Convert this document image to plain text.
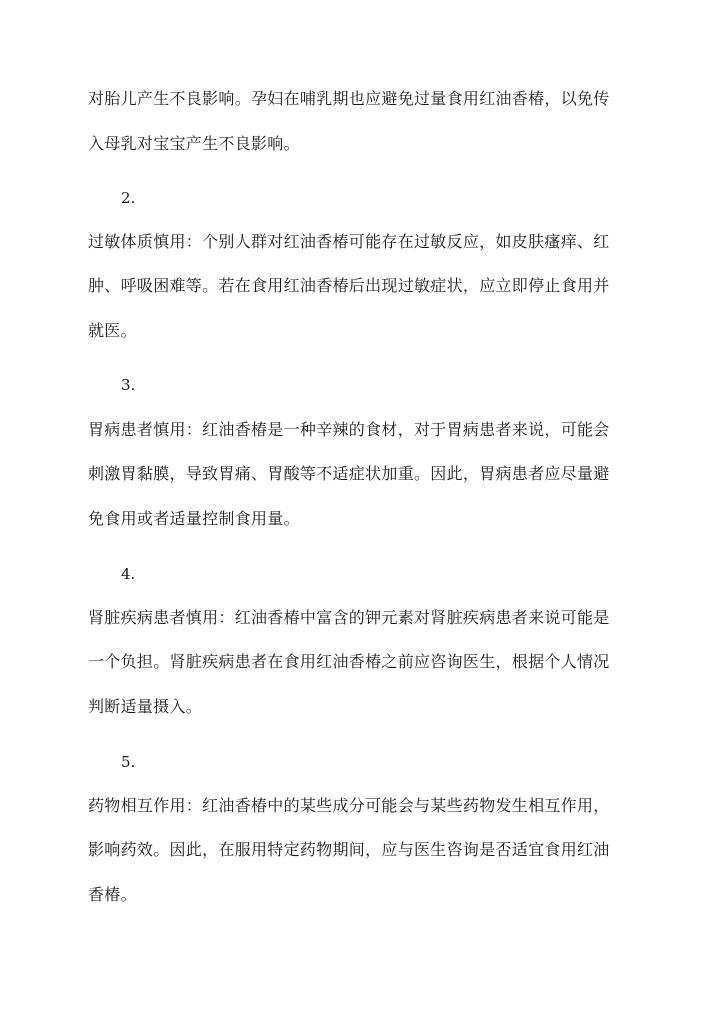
对胎儿产生不良影响。孕妇在哺乳期也应避免过量食用红油香椿，以免传
入母乳对宝宝产生不良影响。
2.
过敏体质慎用：个别人群对红油香椿可能存在过敏反应，如皮肤瘙痒、红
肿、呼吸困难等。若在食用红油香椿后出现过敏症状，应立即停止食用并
就医。
3.
胃病患者慎用：红油香椿是一种辛辣的食材，对于胃病患者来说，可能会
刺激胃黏膜，导致胃痛、胃酸等不适症状加重。因此，胃病患者应尽量避
免食用或者适量控制食用量。
4.
肾脏疾病患者慎用：红油香椿中富含的钾元素对肾脏疾病患者来说可能是
一个负担。肾脏疾病患者在食用红油香椿之前应咨询医生，根据个人情况
判断适量摄入。
5.
药物相互作用：红油香椿中的某些成分可能会与某些药物发生相互作用，
影响药效。因此，在服用特定药物期间，应与医生咨询是否适宜食用红油
香椿。
